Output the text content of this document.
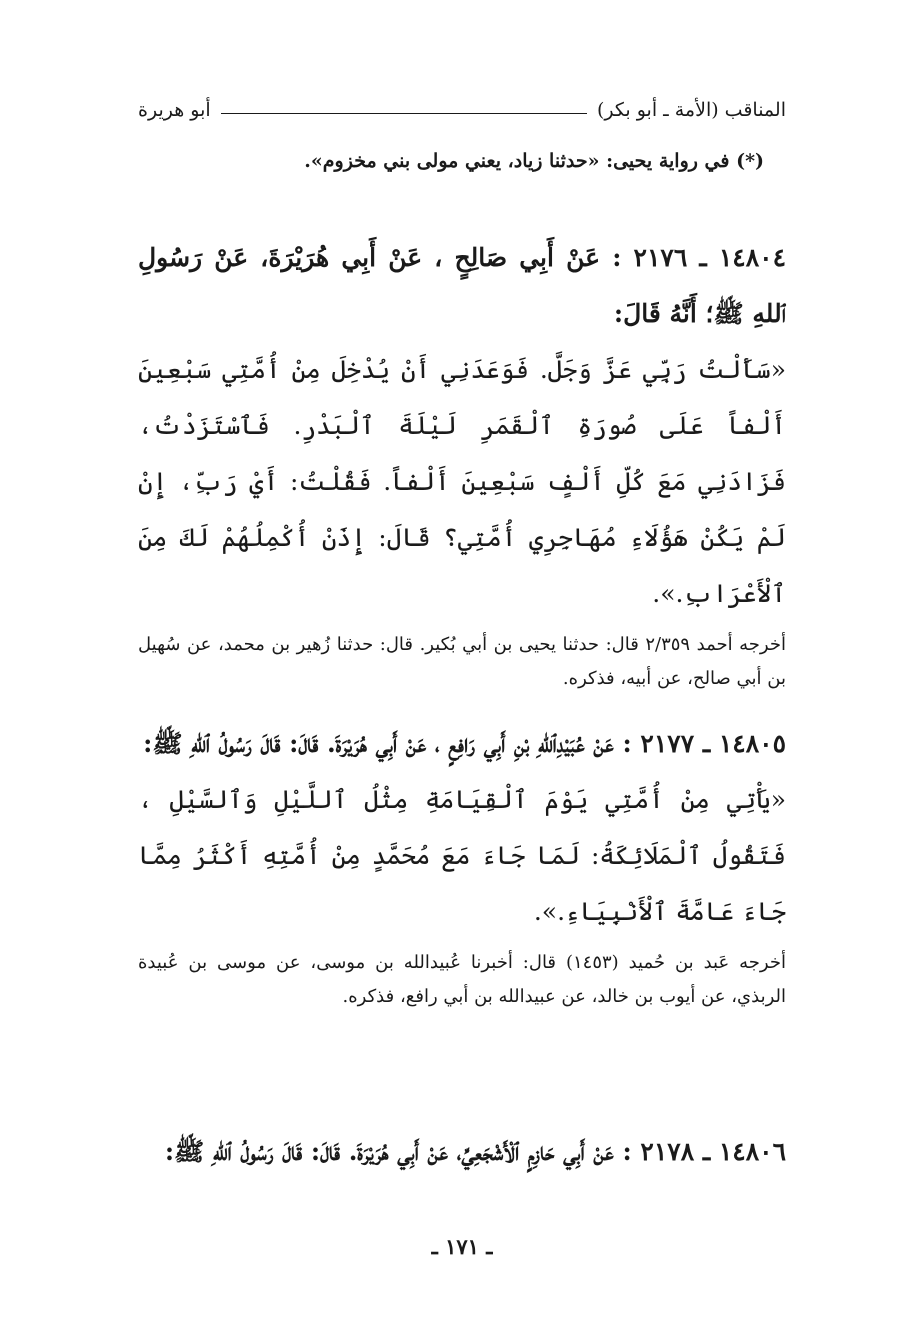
المناقب (الأمة ـ أبو بكر)
أبو هريرة
(*) في رواية يحيى: «حدثنا زياد، يعني مولى بني مخزوم».

١٤٨٠٤ ـ ٢١٧٦ : عَنْ أَبِي صَالِحٍ ، عَنْ أَبِي هُرَيْرَةَ، عَنْ رَسُولِ ٱللهِ ﷺ؛ أَنَّهُ قَالَ:

«سَأَلْتُ رَبِّي عَزَّ وَجَلَّ. فَوَعَدَنِي أَنْ يُدْخِلَ مِنْ أُمَّتِي سَبْعِينَ أَلْفاً عَلَى صُورَةِ ٱلْقَمَرِ لَيْلَةَ ٱلْبَدْرِ. فَٱسْتَزَدْتُ، فَزَادَنِي مَعَ كُلِّ أَلْفٍ سَبْعِينَ أَلْفاً. فَقُلْتُ: أَيْ رَبِّ، إِنْ لَمْ يَكُنْ هَؤُلَاءِ مُهَاجِرِي أُمَّتِي؟ قَالَ: إِذَنْ أُكْمِلُهُمْ لَكَ مِنَ ٱلْأَعْرَابِ.».

أخرجه أحمد ٢/٣٥٩ قال: حدثنا يحيى بن أبي بُكير. قال: حدثنا زُهير بن محمد، عن سُهيل بن أبي صالح، عن أبيه، فذكره.

١٤٨٠٥ ـ ٢١٧٧ : عَنْ عُبَيْدِٱللهِ بْنِ أَبِي رَافِعٍ ، عَنْ أَبِي هُرَيْرَةَ. قَالَ: قَالَ رَسُولُ ٱللهِ ﷺ:

«يَأْتِي مِنْ أُمَّتِي يَوْمَ ٱلْقِيَامَةِ مِثْلُ ٱللَّيْلِ وَٱلسَّيْلِ ، فَتَقُولُ ٱلْمَلَائِكَةُ: لَمَا جَاءَ مَعَ مُحَمَّدٍ مِنْ أُمَّتِهِ أَكْثَرُ مِمَّا جَاءَ عَامَّةَ ٱلْأَنْبِيَاءِ.».

أخرجه عَبد بن حُميد (١٤٥٣) قال: أخبرنا عُبيدالله بن موسى، عن موسى بن عُبيدة الربذي، عن أيوب بن خالد، عن عبيدالله بن أبي رافع، فذكره.

١٤٨٠٦ ـ ٢١٧٨ : عَنْ أَبِي حَازِمٍ ٱلْأَشْجَعِيِّ، عَنْ أَبِي هُرَيْرَةَ. قَالَ: قَالَ رَسُولُ ٱللهِ ﷺ:

ـ ١٧١ ـ
